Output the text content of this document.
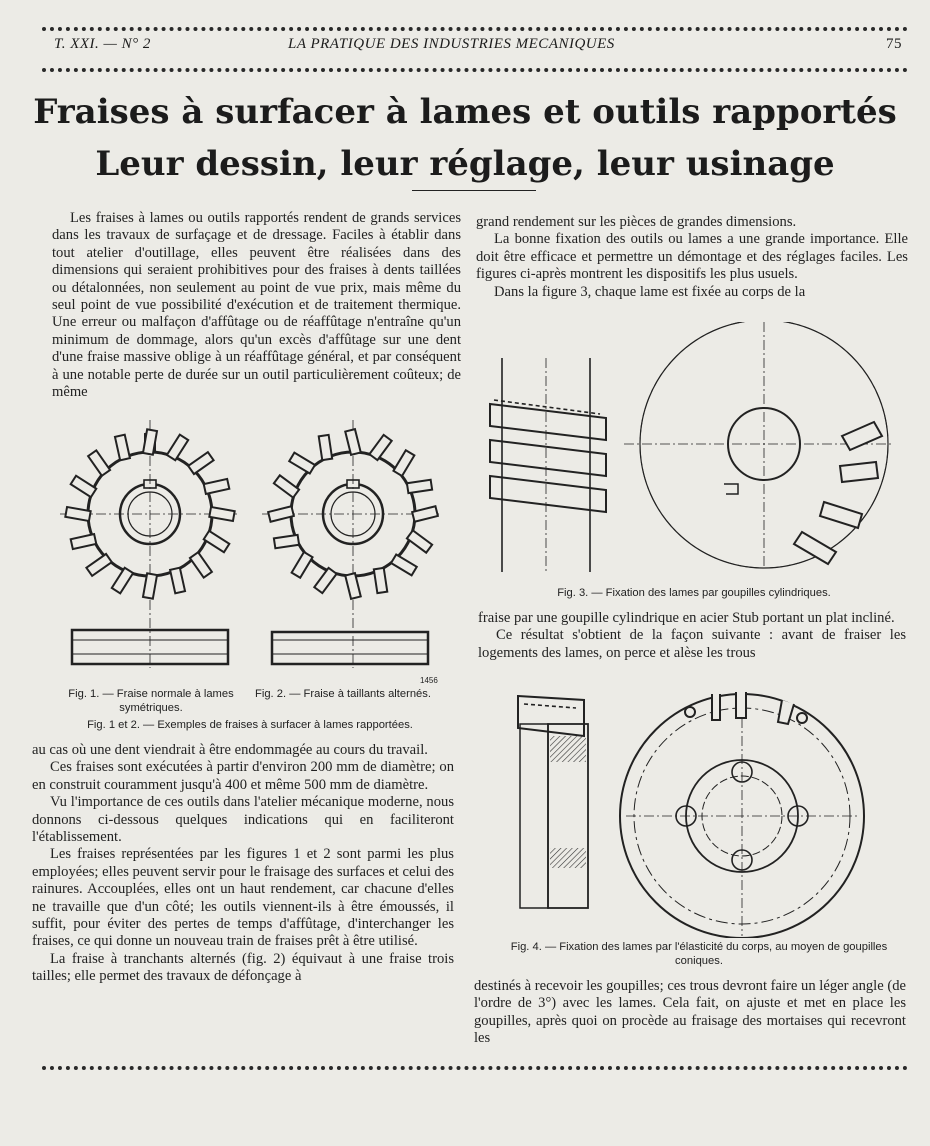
T. XXI. — N° 2	LA PRATIQUE DES INDUSTRIES MECANIQUES	75
Fraises à surfacer à lames et outils rapportés
Leur dessin, leur réglage, leur usinage

Les fraises à lames ou outils rapportés rendent de grands services dans les travaux de surfaçage et de dressage. Faciles à établir dans tout atelier d'outillage, elles peuvent être réalisées dans des dimensions qui seraient prohibitives pour des fraises à dents taillées ou détalonnées, non seulement au point de vue prix, mais même du seul point de vue possibilité d'exécution et de traitement thermique. Une erreur ou malfaçon d'affûtage ou de réaffûtage n'entraîne qu'un minimum de dommage, alors qu'un excès d'affûtage sur une dent d'une fraise massive oblige à un réaffûtage général, et par conséquent à une notable perte de durée sur un outil particulièrement coûteux; de même

1456
Fig. 1. — Fraise normale à lames symétriques.
Fig. 2. — Fraise à taillants alternés.
Fig. 1 et 2. — Exemples de fraises à surfacer à lames rapportées.

au cas où une dent viendrait à être endommagée au cours du travail.

Ces fraises sont exécutées à partir d'environ 200 mm de diamètre; on en construit couramment jusqu'à 400 et même 500 mm de diamètre.

Vu l'importance de ces outils dans l'atelier mécanique moderne, nous donnons ci-dessous quelques indications qui en faciliteront l'établissement.

Les fraises représentées par les figures 1 et 2 sont parmi les plus employées; elles peuvent servir pour le fraisage des surfaces et celui des rainures. Accouplées, elles ont un haut rendement, car chacune d'elles ne travaille que d'un côté; les outils viennent-ils à être émoussés, il suffit, pour éviter des pertes de temps d'affûtage, d'interchanger les fraises, ce qui donne un nouveau train de fraises prêt à être utilisé.

La fraise à tranchants alternés (fig. 2) équivaut à une fraise trois tailles; elle permet des travaux de défonçage à

grand rendement sur les pièces de grandes dimensions.

La bonne fixation des outils ou lames a une grande importance. Elle doit être efficace et permettre un démontage et des réglages faciles. Les figures ci-après montrent les dispositifs les plus usuels.

Dans la figure 3, chaque lame est fixée au corps de la

Fig. 3. — Fixation des lames par goupilles cylindriques.

fraise par une goupille cylindrique en acier Stub portant un plat incliné.

Ce résultat s'obtient de la façon suivante : avant de fraiser les logements des lames, on perce et alèse les trous

Fig. 4. — Fixation des lames par l'élasticité du corps, au moyen de goupilles coniques.

destinés à recevoir les goupilles; ces trous devront faire un léger angle (de l'ordre de 3°) avec les lames. Cela fait, on ajuste et met en place les goupilles, après quoi on procède au fraisage des mortaises qui recevront les
